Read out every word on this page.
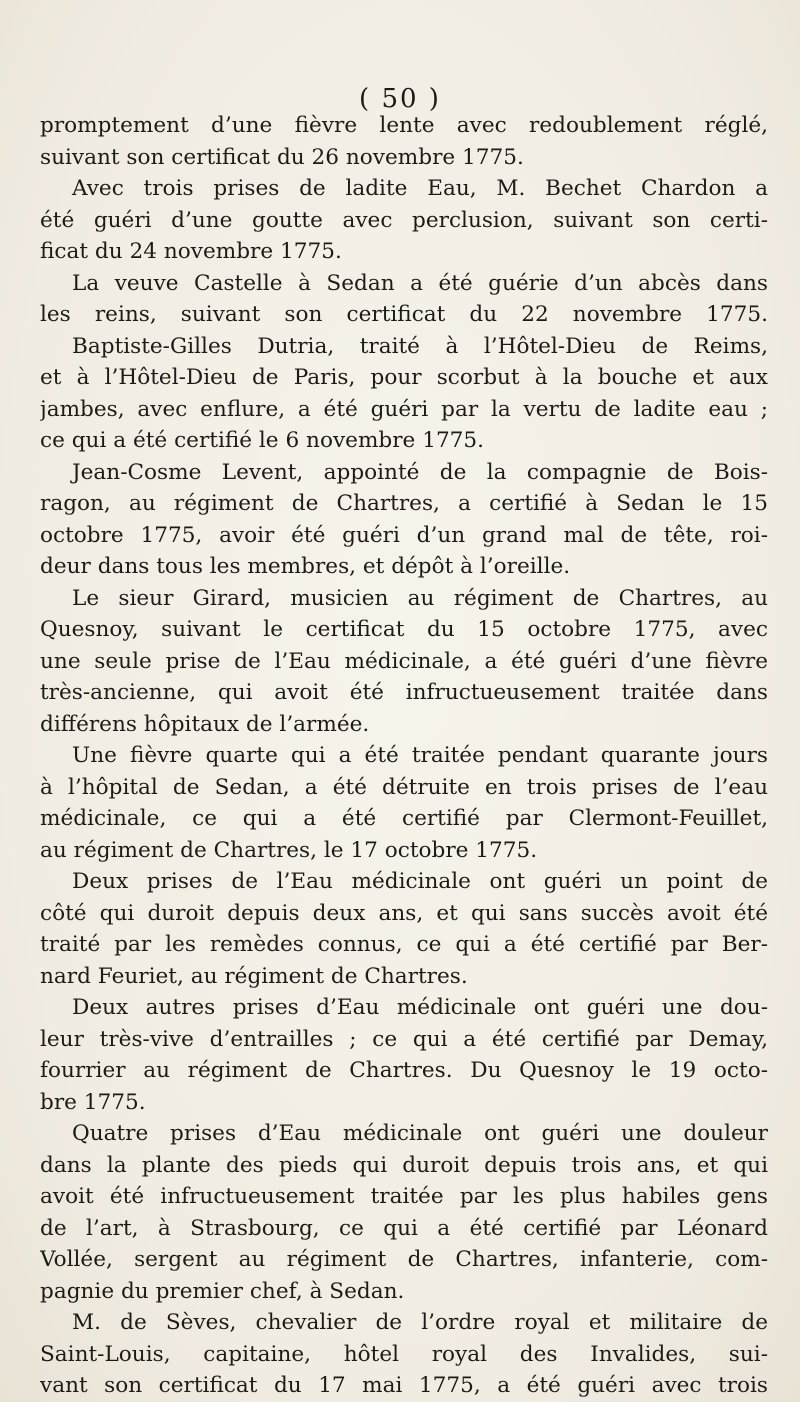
( 50 )
promptement d’une fièvre lente avec redoublement réglé,
suivant son certificat du 26 novembre 1775.
Avec trois prises de ladite Eau, M. Bechet Chardon a
été guéri d’une goutte avec perclusion, suivant son certi-
ficat du 24 novembre 1775.
La veuve Castelle à Sedan a été guérie d’un abcès dans
les reins, suivant son certificat du 22 novembre 1775.
Baptiste-Gilles Dutria, traité à l’Hôtel-Dieu de Reims,
et à l’Hôtel-Dieu de Paris, pour scorbut à la bouche et aux
jambes, avec enflure, a été guéri par la vertu de ladite eau ;
ce qui a été certifié le 6 novembre 1775.
Jean-Cosme Levent, appointé de la compagnie de Bois-
ragon, au régiment de Chartres, a certifié à Sedan le 15
octobre 1775, avoir été guéri d’un grand mal de tête, roi-
deur dans tous les membres, et dépôt à l’oreille.
Le sieur Girard, musicien au régiment de Chartres, au
Quesnoy, suivant le certificat du 15 octobre 1775, avec
une seule prise de l’Eau médicinale, a été guéri d’une fièvre
très-ancienne, qui avoit été infructueusement traitée dans
différens hôpitaux de l’armée.
Une fièvre quarte qui a été traitée pendant quarante jours
à l’hôpital de Sedan, a été détruite en trois prises de l’eau
médicinale, ce qui a été certifié par Clermont-Feuillet,
au régiment de Chartres, le 17 octobre 1775.
Deux prises de l’Eau médicinale ont guéri un point de
côté qui duroit depuis deux ans, et qui sans succès avoit été
traité par les remèdes connus, ce qui a été certifié par Ber-
nard Feuriet, au régiment de Chartres.
Deux autres prises d’Eau médicinale ont guéri une dou-
leur très-vive d’entrailles ; ce qui a été certifié par Demay,
fourrier au régiment de Chartres. Du Quesnoy le 19 octo-
bre 1775.
Quatre prises d’Eau médicinale ont guéri une douleur
dans la plante des pieds qui duroit depuis trois ans, et qui
avoit été infructueusement traitée par les plus habiles gens
de l’art, à Strasbourg, ce qui a été certifié par Léonard
Vollée, sergent au régiment de Chartres, infanterie, com-
pagnie du premier chef, à Sedan.
M. de Sèves, chevalier de l’ordre royal et militaire de
Saint-Louis, capitaine, hôtel royal des Invalides, sui-
vant son certificat du 17 mai 1775, a été guéri avec trois
